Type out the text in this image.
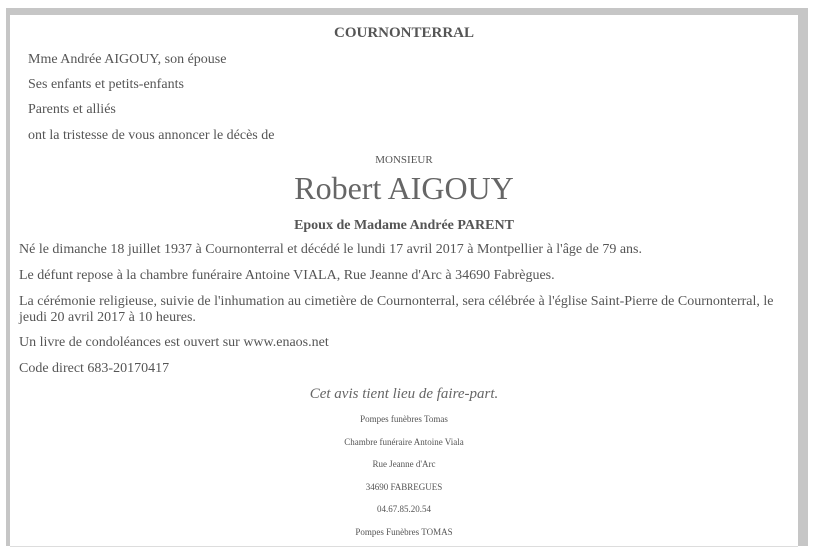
COURNONTERRAL
Mme Andrée AIGOUY, son épouse
Ses enfants et petits-enfants
Parents et alliés
ont la tristesse de vous annoncer le décès de
MONSIEUR
Robert AIGOUY
Epoux de Madame Andrée PARENT
Né le dimanche 18 juillet 1937 à Cournonterral et décédé le lundi 17 avril 2017 à Montpellier à l'âge de 79 ans.
Le défunt repose à la chambre funéraire Antoine VIALA, Rue Jeanne d'Arc à 34690 Fabrègues.
La cérémonie religieuse, suivie de l'inhumation au cimetière de Cournonterral, sera célébrée à l'église Saint-Pierre de Cournonterral, le jeudi 20 avril 2017 à 10 heures.
Un livre de condoléances est ouvert sur www.enaos.net
Code direct 683-20170417
Cet avis tient lieu de faire-part.
Pompes funèbres Tomas
Chambre funéraire Antoine Viala
Rue Jeanne d'Arc
34690 FABREGUES
04.67.85.20.54
Pompes Funèbres TOMAS
